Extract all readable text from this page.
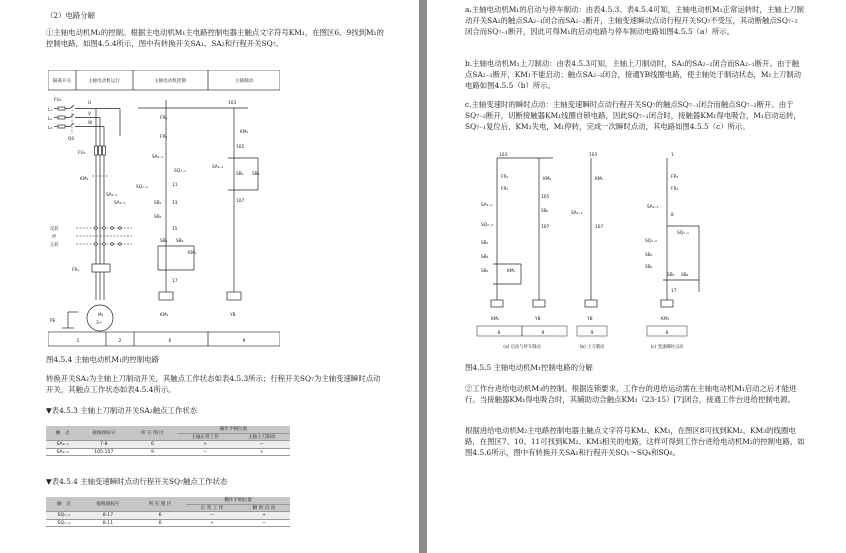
（2）电路分解
①主轴电动机M₁的控制。根据主电动机M₁主电路控制电器主触点文字符号KM₁，在图区6、9找到M₁的控制电路，如图4.5.4所示，图中有转换开关SA₁、SA₂和行程开关SQ₇。
隔离开关	主轴电动机运行	主轴电动机控制	主轴制动
FU₁
L₁
L₂
L₃
QS
U
V
W
FU₂
KM₁
SA₃₋₁
SA₃₋₃
反转
停
正转
FR₁
M₁
3~
PE
FR₂
FR₃
SA₂₋₁
SQ₇₋₁
SQ₇₋₂	11
SB₁ 13
SB₂
15
SB₅ SB₆
KM₁
17
KM₁
103
KM₁
105
SA₂₋₁
SB₃ SB₄
107
YB
1	2	6	9
图4.5.4 主轴电动机M₁的控制电路
转换开关SA₂为主轴上刀制动开关，其触点工作状态如表4.5.3所示；行程开关SQ₇为主轴变速瞬时点动开关，其触点工作状态如表4.5.4所示。
▼表4.5.3 主轴上刀制动开关SA₂触点工作状态
触　点	接线端标号	所 在 图 区	操作手柄位置	
			主轴正常工作	主轴上刀制动
SA₂₋₁	7-8	6	+	−
SA₂₋₂	105-107	9	−	+
▼表4.5.4 主轴变速瞬时点动行程开关SQ₇触点工作状态
触　点	接线端标号	所 在 图 区	操作手柄位置	
			正 常 工 作	瞬 时 点 动
SQ₇₋₁	8-17	6	−	+
SQ₇₋₂	8-11	6	+	−
a.主轴电动机M₁的启动与停车制动：由表4.5.3、表4.5.4可知，主轴电动机M₁正常运转时，主轴上刀制动开关SA₂的触点SA₂₋₁闭合而SA₂₋₂断开，主轴变速瞬动点动行程开关SQ₇不受压，其动断触点SQ₇₋₂闭合而SQ₇₋₁断开，因此可得M₁的启动电路与停车制动电路如图4.5.5（a）所示。
b.主轴电动机M₁上刀制动：由表4.5.3可知，主轴上刀制动时，SA₂的SA₂₋₂闭合而SA₂₋₁断开。由于触点SA₂₋₁断开，KM₁不能启动；触点SA₂₋₂闭合，接通YB线圈电路，使主轴处于制动状态，M₁上刀制动电路如图4.5.5（b）所示。
c.主轴变速时的瞬时点动：主轴变速瞬时点动行程开关SQ₇的触点SQ₇₋₁闭合而触点SQ₇₋₂断开。由于SQ₇₋₂断开，切断接触器KM₁线圈自锁电路，因此SQ₇₋₁闭合时，接触器KM₁得电吸合，M₁启动运转，SQ₇₋₁复位后，KM₁失电，M₁停转，完成一次瞬时点动，其电路如图4.5.5（c）所示。
103
FR₂
FR₃
SA₂₋₁
SQ₇₋₂
SB₁
SB₂
SB₅	KM₁
KM₁
KM₁
105
SB₆
107
YB
6	9
(a) 启动与停车制动
103
KM₁
SA₂₋₂
107
YB
9
(b) 上刀制动
1
FR₂
FR₃
SA₂₋₁
8
SQ₇₋₁
SQ₇₋₂
SB₁
SB₂
SB₅ SB₆
17
KM₁
6
(c) 变速瞬时点动
图4.5.5 主轴电动机M₁控制电路的分解
②工作台进给电动机M₃的控制。根据连锁要求，工作台的进给运动需在主轴电动机M₁启动之后才能进行。当接触器KM₁得电吸合时，其辅助动合触点KM₁（23-15）[7]闭合，接通工作台进给控制电源。
根据进给电动机M₂主电路控制电器主触点文字符号KM₂、KM₃，在图区8可找到KM₂、KM₃的线圈电路，在图区7、10、11可找到KM₂、KM₃相关的电路，这样可得到工作台进给电动机M₂的控制电路，如图4.5.6所示，图中有转换开关SA₁和行程开关SQ₁～SQ₄和SQ₆。
